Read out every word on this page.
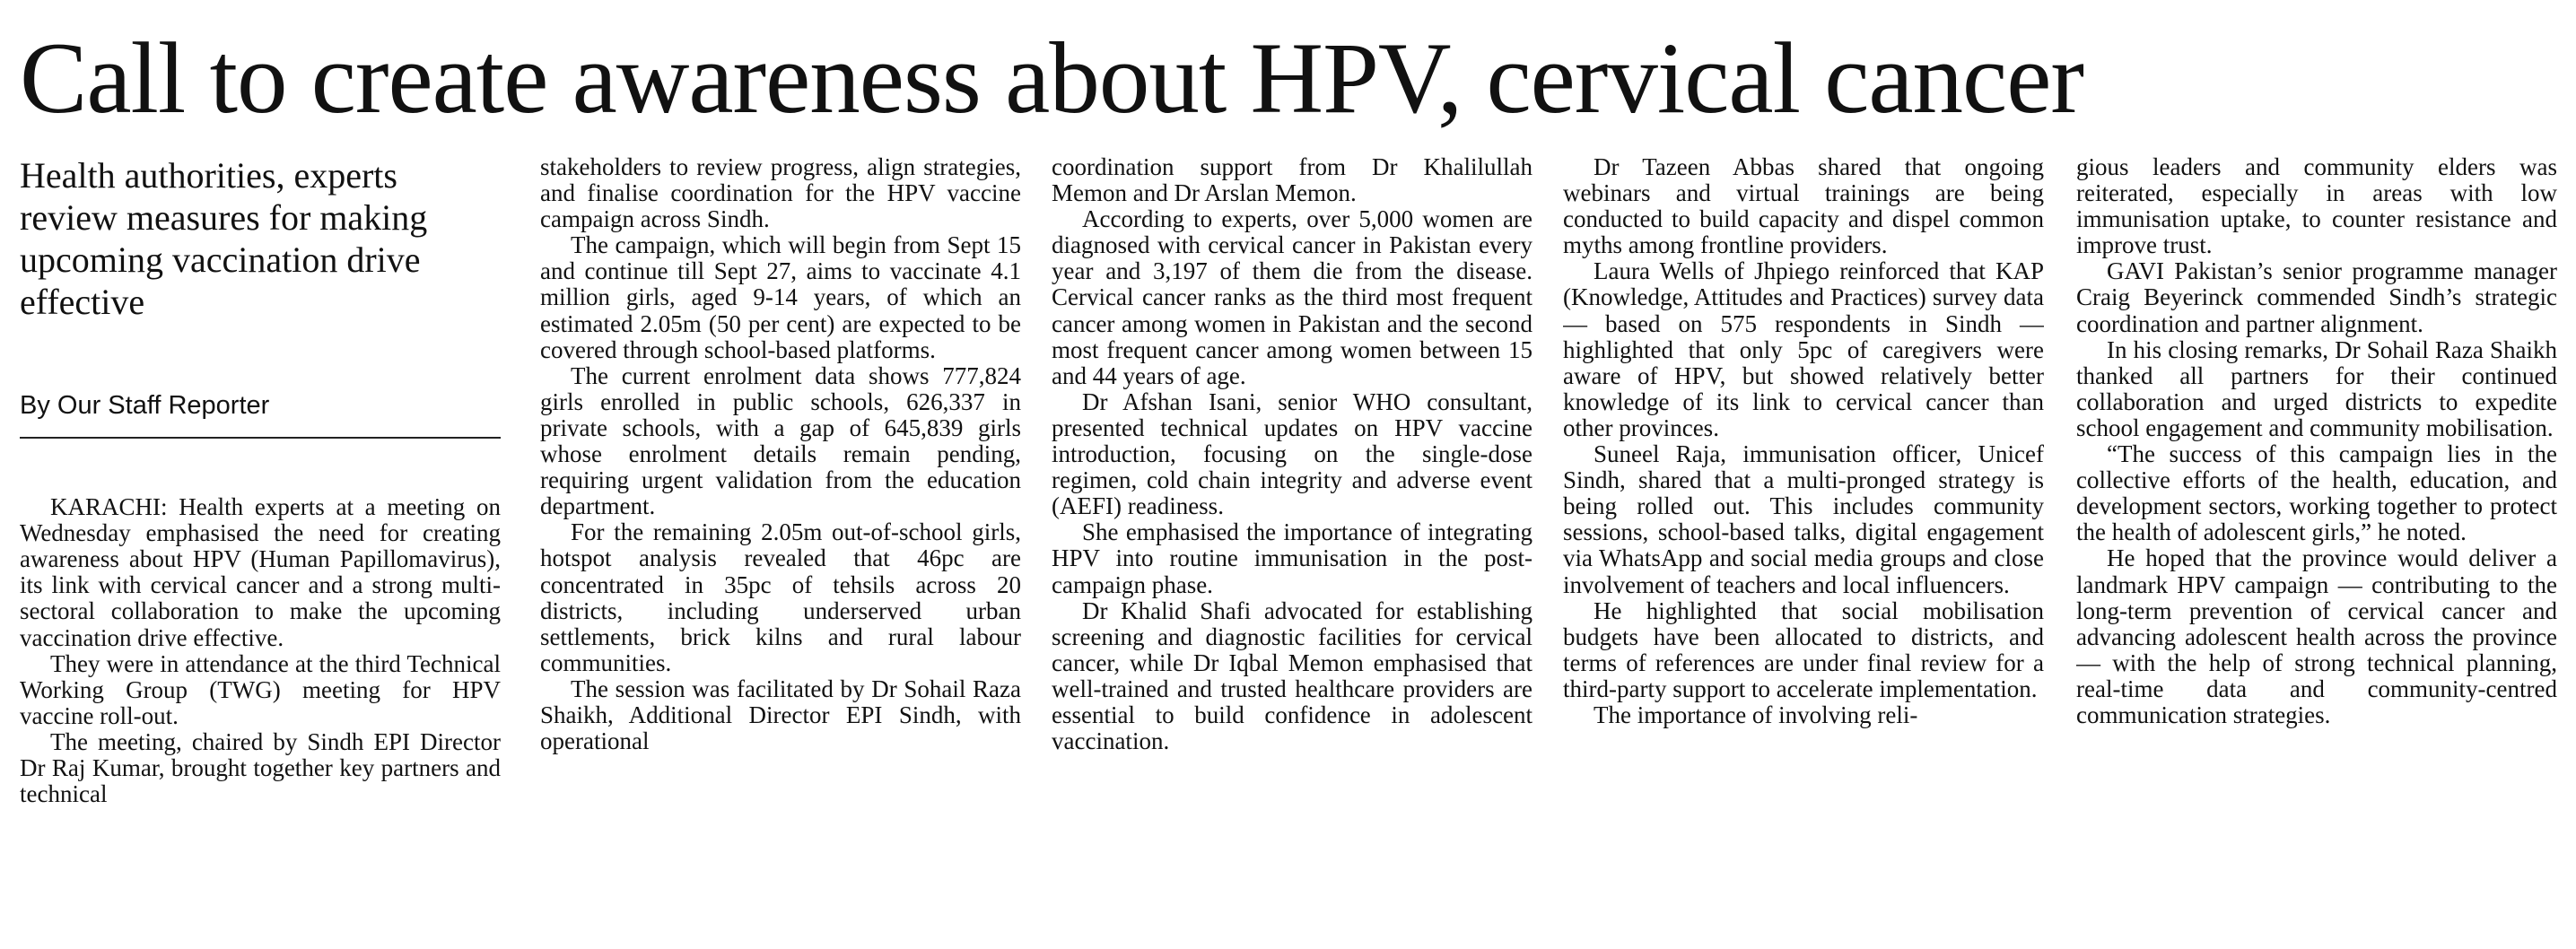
Call to create awareness about HPV, cervical cancer
Health authorities, experts review measures for making upcoming vaccination drive effective
By Our Staff Reporter

KARACHI: Health experts at a meeting on Wednesday emphasised the need for creating awareness about HPV (Human Papillomavirus), its link with cervical cancer and a strong multi-sectoral collaboration to make the upcoming vaccination drive effective.

They were in attendance at the third Technical Working Group (TWG) meeting for HPV vaccine roll-out.

The meeting, chaired by Sindh EPI Director Dr Raj Kumar, brought together key partners and technical

stakeholders to review progress, align strategies, and finalise coordination for the HPV vaccine campaign across Sindh.

The campaign, which will begin from Sept 15 and continue till Sept 27, aims to vaccinate 4.1 million girls, aged 9-14 years, of which an estimated 2.05m (50 per cent) are expected to be covered through school-based platforms.

The current enrolment data shows 777,824 girls enrolled in public schools, 626,337 in private schools, with a gap of 645,839 girls whose enrolment details remain pending, requiring urgent validation from the education department.

For the remaining 2.05m out-of-school girls, hotspot analysis revealed that 46pc are concentrated in 35pc of tehsils across 20 districts, including underserved urban settlements, brick kilns and rural labour communities.

The session was facilitated by Dr Sohail Raza Shaikh, Additional Director EPI Sindh, with operational

coordination support from Dr Khalilullah Memon and Dr Arslan Memon.

According to experts, over 5,000 women are diagnosed with cervical cancer in Pakistan every year and 3,197 of them die from the disease. Cervical cancer ranks as the third most frequent cancer among women in Pakistan and the second most frequent cancer among women between 15 and 44 years of age.

Dr Afshan Isani, senior WHO consultant, presented technical updates on HPV vaccine introduction, focusing on the single-dose regimen, cold chain integrity and adverse event (AEFI) readiness.

She emphasised the importance of integrating HPV into routine immunisation in the post-campaign phase.

Dr Khalid Shafi advocated for establishing screening and diagnostic facilities for cervical cancer, while Dr Iqbal Memon emphasised that well-trained and trusted healthcare providers are essential to build confidence in adolescent vaccination.

Dr Tazeen Abbas shared that ongoing webinars and virtual trainings are being conducted to build capacity and dispel common myths among frontline providers.

Laura Wells of Jhpiego reinforced that KAP (Knowledge, Attitudes and Practices) survey data — based on 575 respondents in Sindh — highlighted that only 5pc of caregivers were aware of HPV, but showed relatively better knowledge of its link to cervical cancer than other provinces.

Suneel Raja, immunisation officer, Unicef Sindh, shared that a multi-pronged strategy is being rolled out. This includes community sessions, school-based talks, digital engagement via WhatsApp and social media groups and close involvement of teachers and local influencers.

He highlighted that social mobilisation budgets have been allocated to districts, and terms of references are under final review for a third-party support to accelerate implementation.

The importance of involving reli-

gious leaders and community elders was reiterated, especially in areas with low immunisation uptake, to counter resistance and improve trust.

GAVI Pakistan’s senior programme manager Craig Beyerinck commended Sindh’s strategic coordination and partner alignment.

In his closing remarks, Dr Sohail Raza Shaikh thanked all partners for their continued collaboration and urged districts to expedite school engagement and community mobilisation.

“The success of this campaign lies in the collective efforts of the health, education, and development sectors, working together to protect the health of adolescent girls,” he noted.

He hoped that the province would deliver a landmark HPV campaign — contributing to the long-term prevention of cervical cancer and advancing adolescent health across the province — with the help of strong technical planning, real-time data and community-centred communication strategies.
